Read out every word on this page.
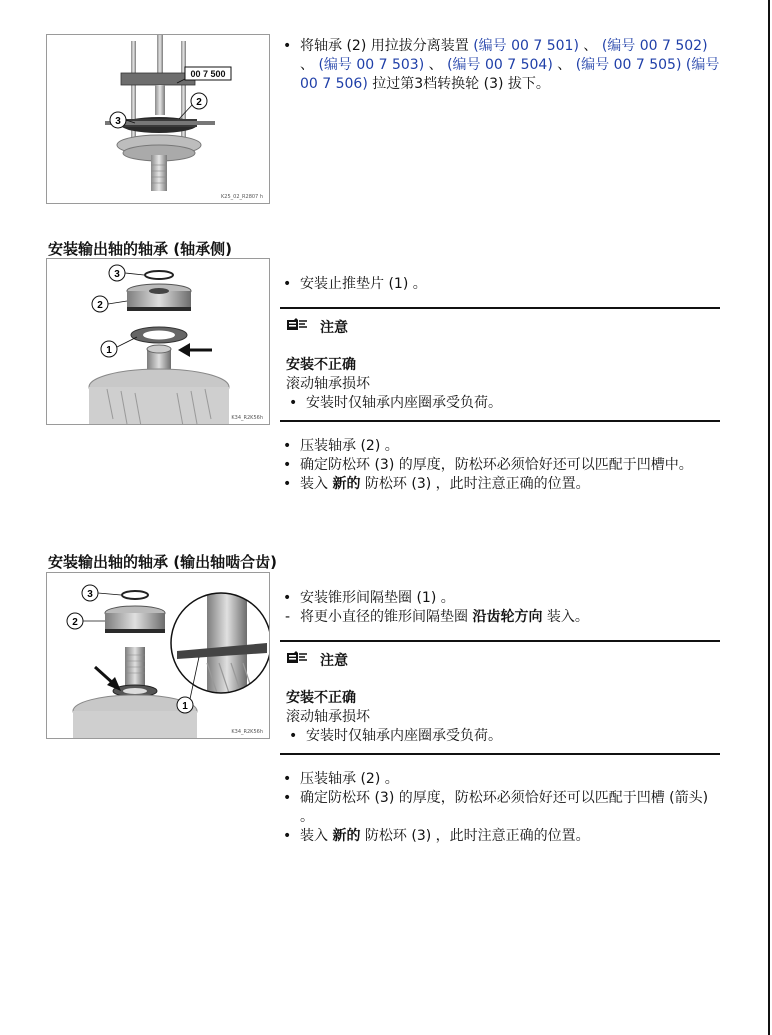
00 7 500
2
3
K25_02_R2807 h

• 将轴承 (2) 用拉拔分离装置 (编号 00 7 501) 、 (编号 00 7 502)
、 (编号 00 7 503) 、 (编号 00 7 504) 、 (编号 00 7 505) (编号 00 7 506) 拉过第3档转换轮 (3) 拔下。

安装输出轴的轴承 (轴承侧)
3
2
1
K34_R2K56h

• 安装止推垫片 (1) 。

注意
安装不正确
滚动轴承损坏

• 安装时仅轴承内座圈承受负荷。

• 压装轴承 (2) 。

• 确定防松环 (3) 的厚度，防松环必须恰好还可以匹配于凹槽中。

• 装入 新的 防松环 (3) ，此时注意正确的位置。

安装输出轴的轴承 (输出轴啮合齿)
3
2
1
K34_R2K56h

• 安装锥形间隔垫圈 (1) 。

- 将更小直径的锥形间隔垫圈 沿齿轮方向 装入。

注意
安装不正确
滚动轴承损坏

• 安装时仅轴承内座圈承受负荷。

• 压装轴承 (2) 。

• 确定防松环 (3) 的厚度，防松环必须恰好还可以匹配于凹槽 (箭头) 。

• 装入 新的 防松环 (3) ，此时注意正确的位置。
